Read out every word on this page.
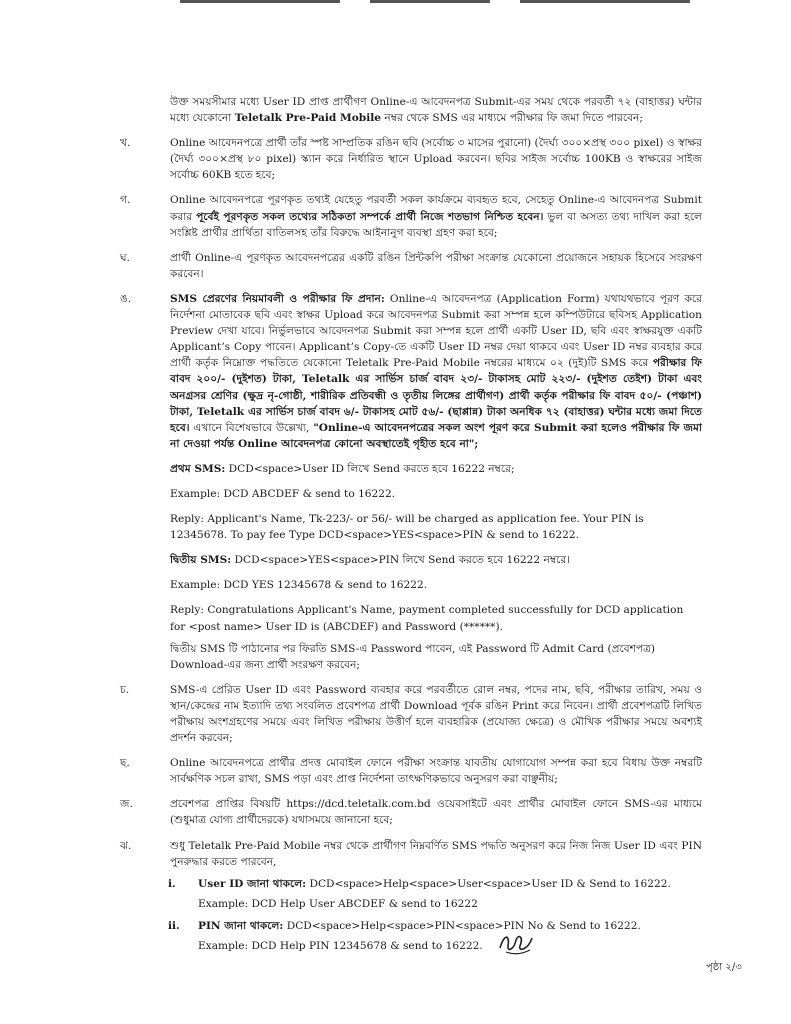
উক্ত সময়সীমার মধ্যে User ID প্রাপ্ত প্রার্থীগণ Online-এ আবেদনপত্র Submit-এর সময় থেকে পরবর্তী ৭২ (বাহাত্তর) ঘন্টার মধ্যে যেকোনো Teletalk Pre-Paid Mobile নম্বর থেকে SMS এর মাধ্যমে পরীক্ষার ফি জমা দিতে পারবেন;
খ.	Online আবেদনপত্রে প্রার্থী তাঁর স্পষ্ট সাম্প্রতিক রঙিন ছবি (সর্বোচ্চ ৩ মাসের পুরানো) (দৈর্ঘ্য ৩০০×প্রস্থ ৩০০ pixel) ও স্বাক্ষর (দৈর্ঘ্য ৩০০×প্রস্থ ৮০ pixel) স্ক্যান করে নির্ধারিত স্থানে Upload করবেন। ছবির সাইজ সর্বোচ্চ 100KB ও স্বাক্ষরের সাইজ সর্বোচ্চ 60KB হতে হবে;
গ.	Online আবেদনপত্রে পূরণকৃত তথ্যই যেহেতু পরবর্তী সকল কার্যক্রমে ব্যবহৃত হবে, সেহেতু Online-এ আবেদনপত্র Submit করার পূর্বেই পূরণকৃত সকল তথ্যের সঠিকতা সম্পর্কে প্রার্থী নিজে শতভাগ নিশ্চিত হবেন। ভুল বা অসত্য তথ্য দাখিল করা হলে সংশ্লিষ্ট প্রার্থীর প্রার্থিতা বাতিলসহ তাঁর বিরুদ্ধে আইনানুগ ব্যবস্থা গ্রহণ করা হবে;
ঘ.	প্রার্থী Online-এ পূরণকৃত আবেদনপত্রের একটি রঙিন প্রিন্টকপি পরীক্ষা সংক্রান্ত যেকোনো প্রয়োজনে সহায়ক হিসেবে সংরক্ষণ করবেন।
ঙ.	SMS প্রেরণের নিয়মাবলী ও পরীক্ষার ফি প্রদান: Online-এ আবেদনপত্র (Application Form) যথাযথভাবে পূরণ করে নির্দেশনা মোতাবেক ছবি এবং স্বাক্ষর Upload করে আবেদনপত্র Submit করা সম্পন্ন হলে কম্পিউটারে ছবিসহ Application Preview দেখা যাবে। নির্ভুলভাবে আবেদনপত্র Submit করা সম্পন্ন হলে প্রার্থী একটি User ID, ছবি এবং স্বাক্ষরযুক্ত একটি Applicant’s Copy পাবেন। Applicant’s Copy-তে একটি User ID নম্বর দেয়া থাকবে এবং User ID নম্বর ব্যবহার করে প্রার্থী কর্তৃক নিম্নোক্ত পদ্ধতিতে যেকোনো Teletalk Pre-Paid Mobile নম্বরের মাধ্যমে ০২ (দুই)টি SMS করে পরীক্ষার ফি বাবদ ২০০/- (দুইশত) টাকা, Teletalk এর সার্ভিস চার্জ বাবদ ২৩/- টাকাসহ মোট ২২৩/- (দুইশত তেইশ) টাকা এবং অনগ্রসর শ্রেণির (ক্ষুদ্র নৃ-গোষ্ঠী, শারীরিক প্রতিবন্ধী ও তৃতীয় লিঙ্গের প্রার্থীগণ) প্রার্থী কর্তৃক পরীক্ষার ফি বাবদ ৫০/- (পঞ্চাশ) টাকা, Teletalk এর সার্ভিস চার্জ বাবদ ৬/- টাকাসহ মোট ৫৬/- (ছাপ্পান্ন) টাকা অনধিক ৭২ (বাহাত্তর) ঘন্টার মধ্যে জমা দিতে হবে। এখানে বিশেষভাবে উল্লেখ্য, "Online-এ আবেদনপত্রের সকল অংশ পূরণ করে Submit করা হলেও পরীক্ষার ফি জমা না দেওয়া পর্যন্ত Online আবেদনপত্র কোনো অবস্থাতেই গৃহীত হবে না";
প্রথম SMS: DCD<space>User ID লিখে Send করতে হবে 16222 নম্বরে;
Example: DCD ABCDEF & send to 16222.
Reply: Applicant's Name, Tk-223/- or 56/- will be charged as application fee. Your PIN is 12345678. To pay fee Type DCD<space>YES<space>PIN & send to 16222.
দ্বিতীয় SMS: DCD<space>YES<space>PIN লিখে Send করতে হবে 16222 নম্বরে।
Example: DCD YES 12345678 & send to 16222.
Reply: Congratulations Applicant's Name, payment completed successfully for DCD application for <post name> User ID is (ABCDEF) and Password (******).
দ্বিতীয় SMS টি পাঠানোর পর ফিরতি SMS-এ Password পাবেন, এই Password টি Admit Card (প্রবেশপত্র) Download-এর জন্য প্রার্থী সংরক্ষণ করবেন;
চ.	SMS-এ প্রেরিত User ID এবং Password ব্যবহার করে পরবর্তীতে রোল নম্বর, পদের নাম, ছবি, পরীক্ষার তারিখ, সময় ও স্থান/কেন্দ্রের নাম ইত্যাদি তথ্য সংবলিত প্রবেশপত্র প্রার্থী Download পূর্বক রঙিন Print করে নিবেন। প্রার্থী প্রবেশপত্রটি লিখিত পরীক্ষায় অংশগ্রহণের সময়ে এবং লিখিত পরীক্ষায় উত্তীর্ণ হলে ব্যবহারিক (প্রযোজ্য ক্ষেত্রে) ও মৌখিক পরীক্ষার সময়ে অবশ্যই প্রদর্শন করবেন;
ছ.	Online আবেদনপত্রে প্রার্থীর প্রদত্ত মোবাইল ফোনে পরীক্ষা সংক্রান্ত যাবতীয় যোগাযোগ সম্পন্ন করা হবে বিধায় উক্ত নম্বরটি সার্বক্ষণিক সচল রাখা, SMS পড়া এবং প্রাপ্ত নির্দেশনা তাৎক্ষণিকভাবে অনুসরণ করা বাঞ্ছনীয়;
জ.	প্রবেশপত্র প্রাপ্তির বিষয়টি https://dcd.teletalk.com.bd ওয়েবসাইটে এবং প্রার্থীর মোবাইল ফোনে SMS-এর মাধ্যমে (শুধুমাত্র যোগ্য প্রার্থীদেরকে) যথাসময়ে জানানো হবে;
ঝ.	শুধু Teletalk Pre-Paid Mobile নম্বর থেকে প্রার্থীগণ নিম্নবর্ণিত SMS পদ্ধতি অনুসরণ করে নিজ নিজ User ID এবং PIN পুনরুদ্ধার করতে পারবেন,
i. User ID জানা থাকলে: DCD<space>Help<space>User<space>User ID & Send to 16222.
Example: DCD Help User ABCDEF & send to 16222
ii. PIN জানা থাকলে: DCD<space>Help<space>PIN<space>PIN No & Send to 16222.
Example: DCD Help PIN 12345678 & send to 16222.
পৃষ্ঠা ২/৩
